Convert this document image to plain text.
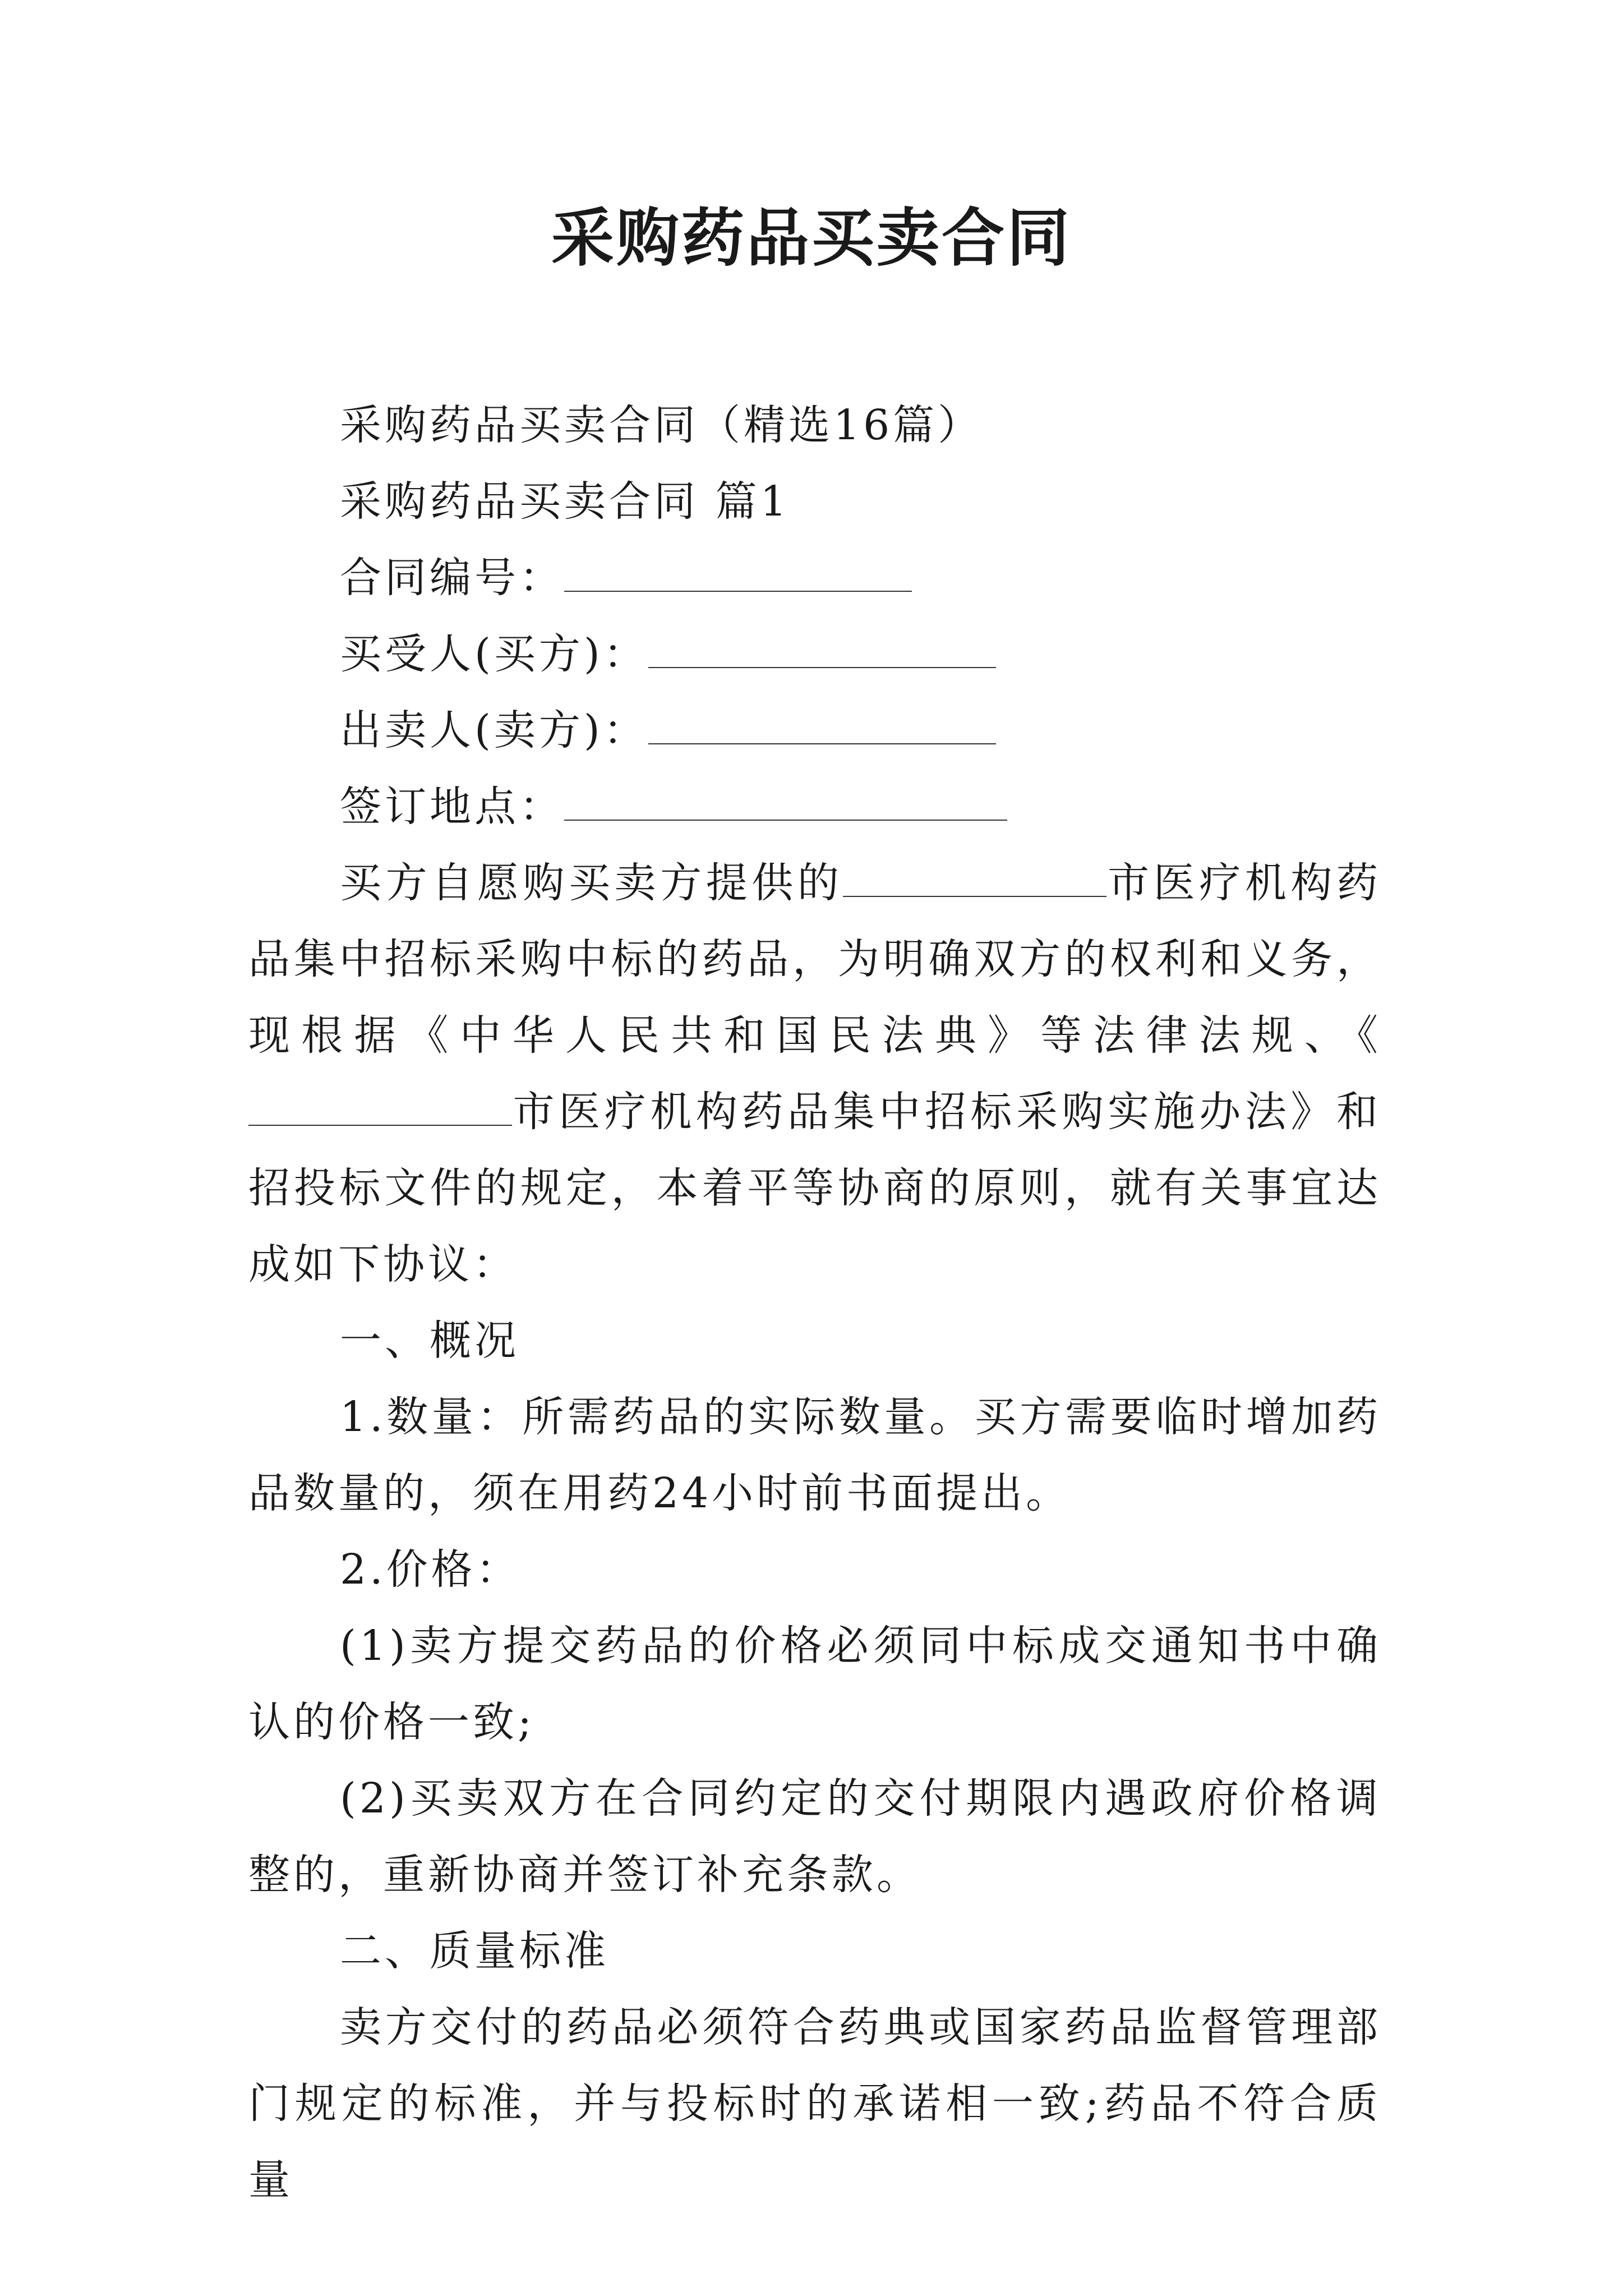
采购药品买卖合同

采购药品买卖合同（精选16篇）

采购药品买卖合同 篇1

合同编号：

买受人(买方)：

出卖人(卖方)：

签订地点：

买方自愿购买卖方提供的	市医疗机构药品集中招标采购中标的药品，为明确双方的权利和义务，现根据《中华人民共和国民法典》等法律法规、《市医疗机构药品集中招标采购实施办法》和招投标文件的规定，本着平等协商的原则，就有关事宜达成如下协议：

一、概况

1.数量：所需药品的实际数量。买方需要临时增加药品数量的，须在用药24小时前书面提出。

2.价格：

(1)卖方提交药品的价格必须同中标成交通知书中确认的价格一致;

(2)买卖双方在合同约定的交付期限内遇政府价格调整的，重新协商并签订补充条款。

二、质量标准

卖方交付的药品必须符合药典或国家药品监督管理部门规定的标准，并与投标时的承诺相一致;药品不符合质量
